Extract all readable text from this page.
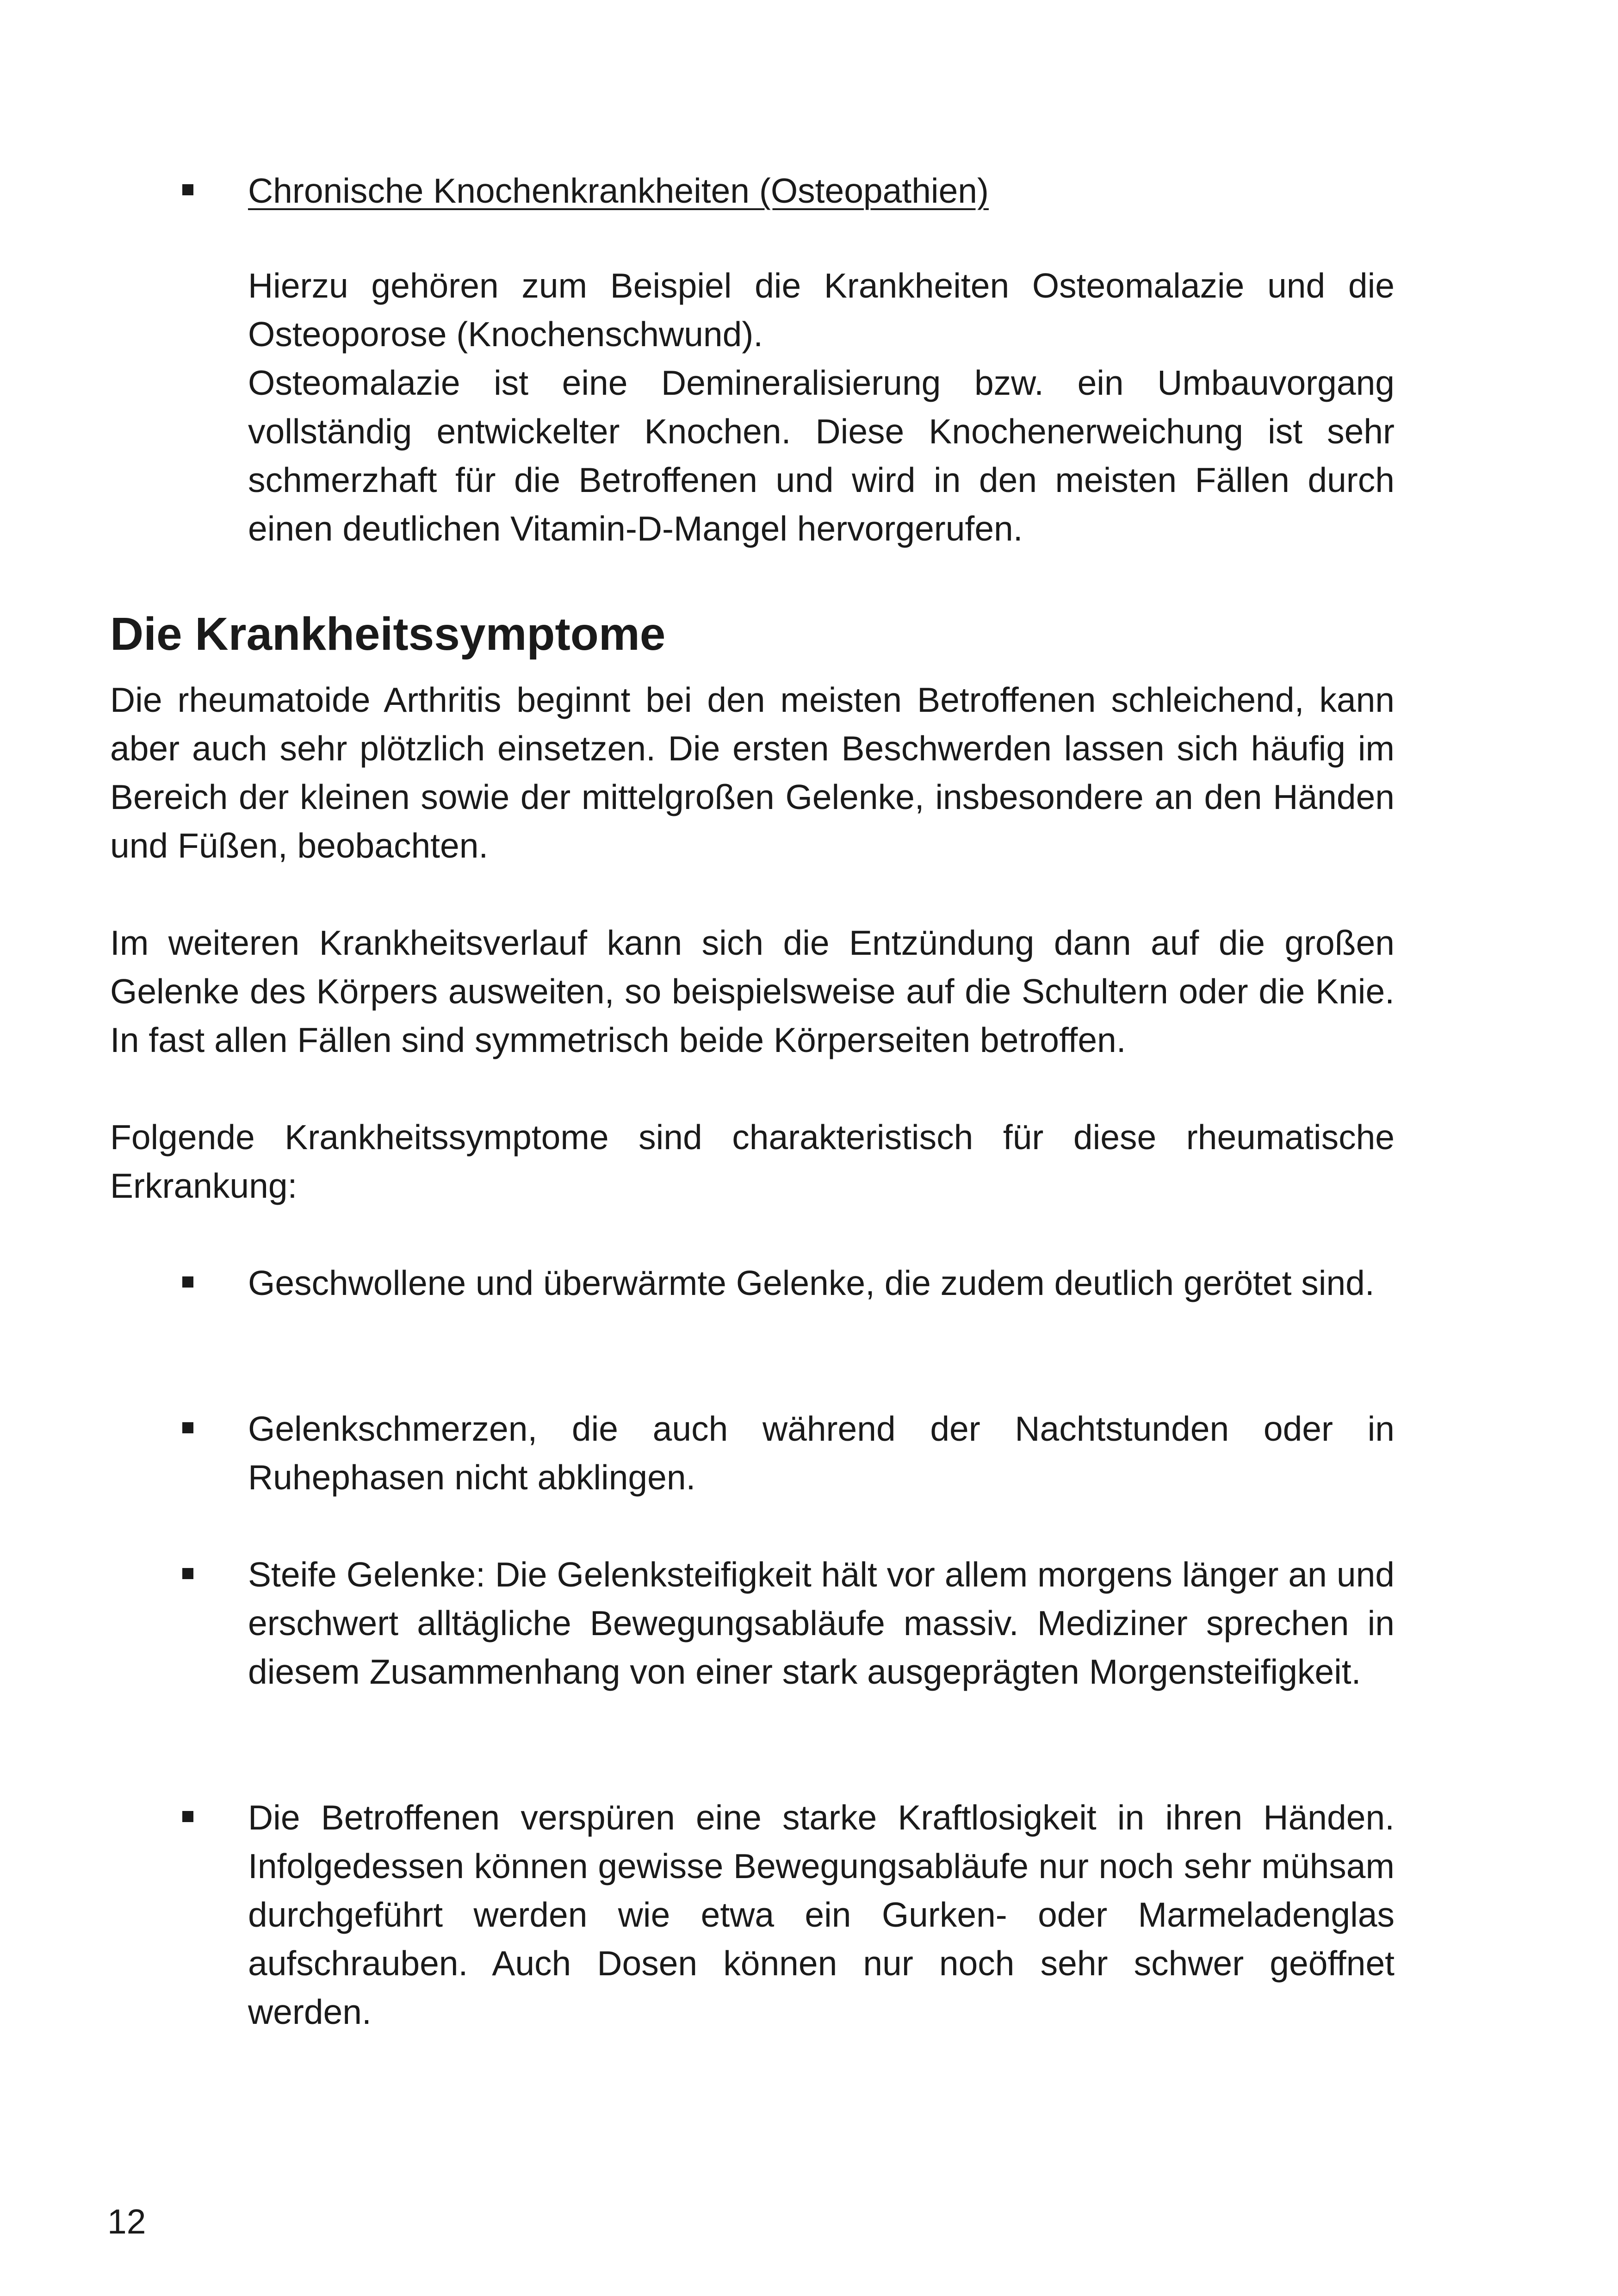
Chronische Knochenkrankheiten (Osteopathien)

Hierzu gehören zum Beispiel die Krankheiten Osteomalazie und die Osteoporose (Knochenschwund).

Osteomalazie ist eine Demineralisierung bzw. ein Umbauvorgang vollständig entwickelter Knochen. Diese Knochenerweichung ist sehr schmerzhaft für die Betroffenen und wird in den meisten Fällen durch einen deutlichen Vitamin-D-Mangel hervorgerufen.

Die Krankheitssymptome

Die rheumatoide Arthritis beginnt bei den meisten Betroffenen schleichend, kann aber auch sehr plötzlich einsetzen. Die ersten Beschwerden lassen sich häufig im Bereich der kleinen sowie der mittelgroßen Gelenke, insbesondere an den Händen und Füßen, beobachten.

Im weiteren Krankheitsverlauf kann sich die Entzündung dann auf die großen Gelenke des Körpers ausweiten, so beispielsweise auf die Schultern oder die Knie. In fast allen Fällen sind symmetrisch beide Körperseiten betroffen.

Folgende Krankheitssymptome sind charakteristisch für diese rheumatische Erkrankung:

Geschwollene und überwärmte Gelenke, die zudem deutlich gerötet sind.

Gelenkschmerzen, die auch während der Nachtstunden oder in Ruhephasen nicht abklingen.

Steife Gelenke: Die Gelenksteifigkeit hält vor allem morgens länger an und erschwert alltägliche Bewegungsabläufe massiv. Mediziner sprechen in diesem Zusammenhang von einer stark ausgeprägten Morgensteifigkeit.

Die Betroffenen verspüren eine starke Kraftlosigkeit in ihren Händen. Infolgedessen können gewisse Bewegungsabläufe nur noch sehr mühsam durchgeführt werden wie etwa ein Gurken- oder Marmeladenglas aufschrauben. Auch Dosen können nur noch sehr schwer geöffnet werden.

12
